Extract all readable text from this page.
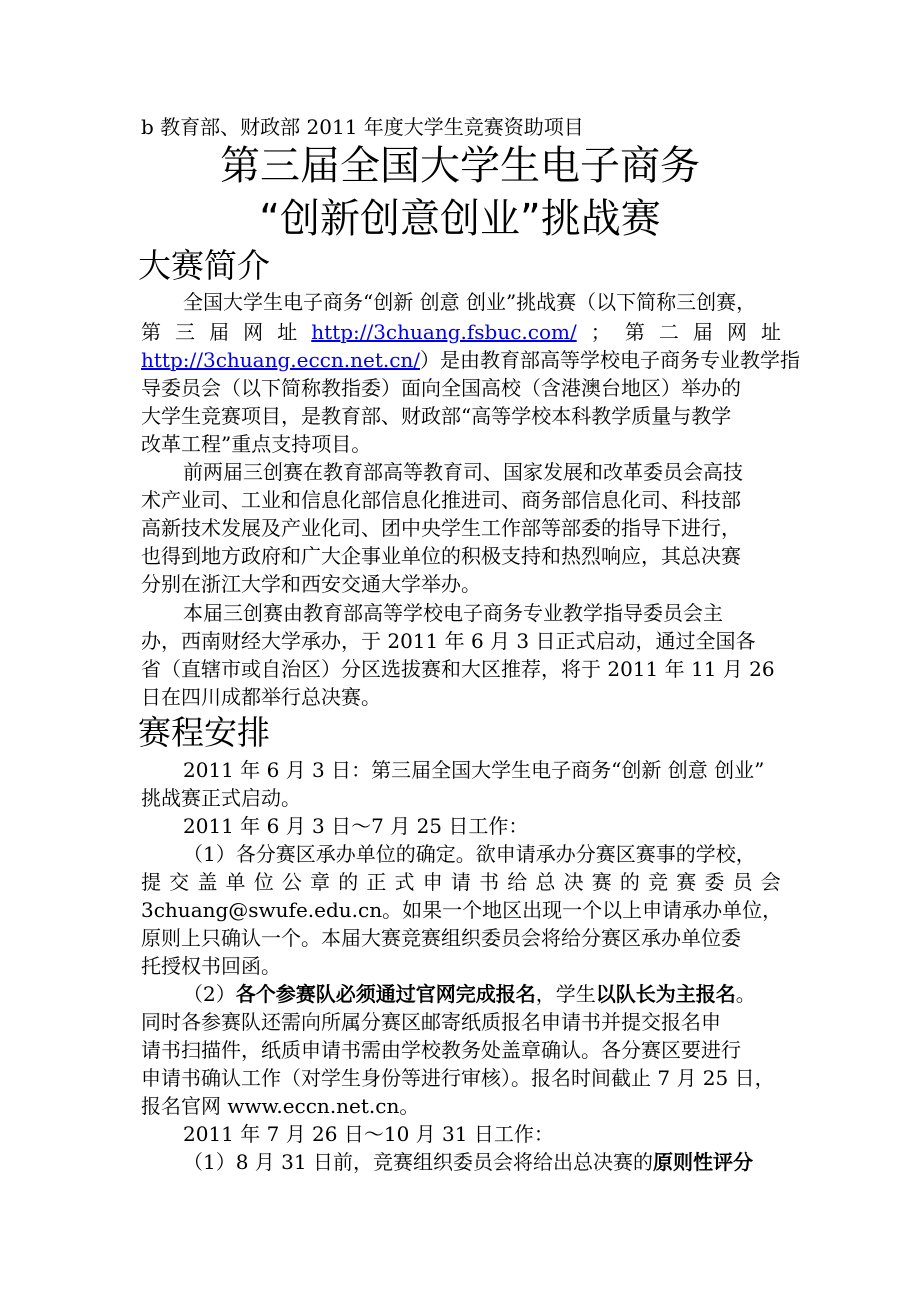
b 教育部、财政部 2011 年度大学生竞赛资助项目
第三届全国大学生电子商务
“创新创意创业”挑战赛
大赛简介
全国大学生电子商务“创新 创意 创业”挑战赛（以下简称三创赛，
第 三 届 网 址 http://3chuang.fsbuc.com/ ； 第 二 届 网 址
http://3chuang.eccn.net.cn/）是由教育部高等学校电子商务专业教学指
导委员会（以下简称教指委）面向全国高校（含港澳台地区）举办的
大学生竞赛项目，是教育部、财政部“高等学校本科教学质量与教学
改革工程”重点支持项目。
前两届三创赛在教育部高等教育司、国家发展和改革委员会高技
术产业司、工业和信息化部信息化推进司、商务部信息化司、科技部
高新技术发展及产业化司、团中央学生工作部等部委的指导下进行，
也得到地方政府和广大企事业单位的积极支持和热烈响应，其总决赛
分别在浙江大学和西安交通大学举办。
本届三创赛由教育部高等学校电子商务专业教学指导委员会主
办，西南财经大学承办，于 2011 年 6 月 3 日正式启动，通过全国各
省（直辖市或自治区）分区选拔赛和大区推荐，将于 2011 年 11 月 26
日在四川成都举行总决赛。
赛程安排
2011 年 6 月 3 日：第三届全国大学生电子商务“创新 创意 创业”
挑战赛正式启动。
2011 年 6 月 3 日～7 月 25 日工作：
（1）各分赛区承办单位的确定。欲申请承办分赛区赛事的学校，
提 交 盖 单 位 公 章 的 正 式 申 请 书 给 总 决 赛 的 竞 赛 委 员 会
3chuang@swufe.edu.cn。如果一个地区出现一个以上申请承办单位，
原则上只确认一个。本届大赛竞赛组织委员会将给分赛区承办单位委
托授权书回函。
（2）各个参赛队必须通过官网完成报名，学生以队长为主报名。
同时各参赛队还需向所属分赛区邮寄纸质报名申请书并提交报名申
请书扫描件，纸质申请书需由学校教务处盖章确认。各分赛区要进行
申请书确认工作（对学生身份等进行审核）。报名时间截止 7 月 25 日，
报名官网 www.eccn.net.cn。
2011 年 7 月 26 日～10 月 31 日工作：
（1）8 月 31 日前，竞赛组织委员会将给出总决赛的原则性评分
